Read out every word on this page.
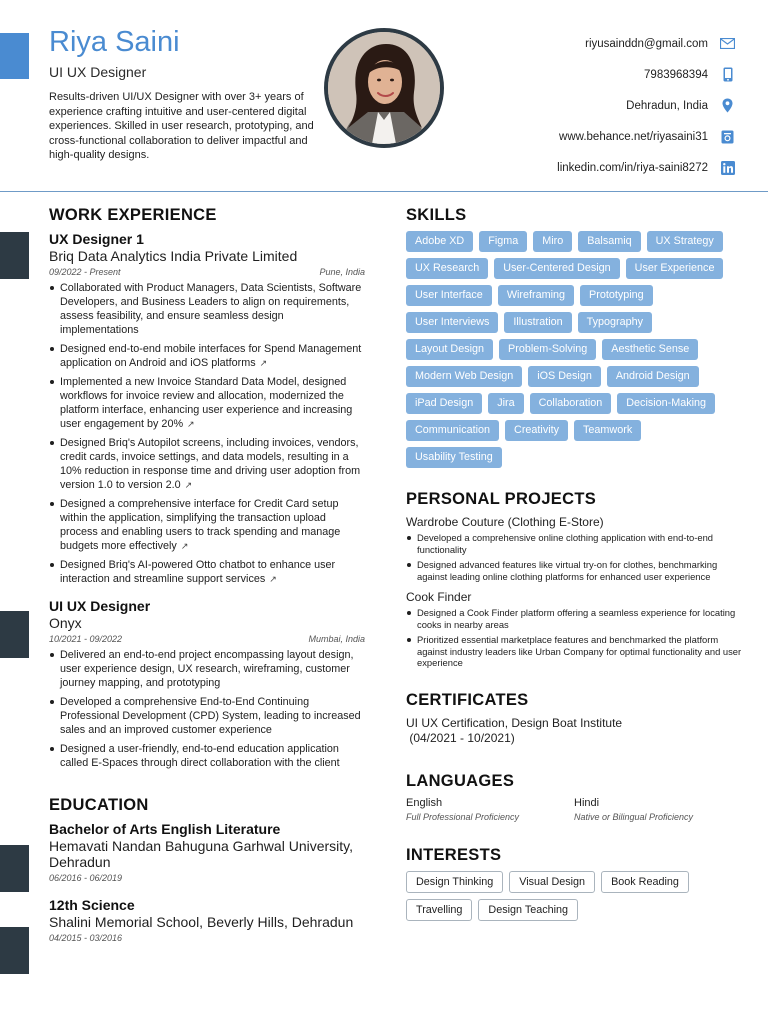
Riya Saini
UI UX Designer

Results-driven UI/UX Designer with over 3+ years of experience crafting intuitive and user-centered digital experiences. Skilled in user research, prototyping, and cross-functional collaboration to deliver impactful and high-quality designs.

riyusainddn@gmail.com
7983968394
Dehradun, India
www.behance.net/riyasaini31
linkedin.com/in/riya-saini8272
WORK EXPERIENCE
UX Designer 1
Briq Data Analytics India Private Limited
09/2022 - Present	Pune, India
Collaborated with Product Managers, Data Scientists, Software Developers, and Business Leaders to align on requirements, assess feasibility, and ensure seamless design implementations
Designed end-to-end mobile interfaces for Spend Management application on Android and iOS platforms ↗
Implemented a new Invoice Standard Data Model, designed workflows for invoice review and allocation, modernized the platform interface, enhancing user experience and increasing user engagement by 20% ↗
Designed Briq's Autopilot screens, including invoices, vendors, credit cards, invoice settings, and data models, resulting in a 10% reduction in response time and driving user adoption from version 1.0 to version 2.0 ↗
Designed a comprehensive interface for Credit Card setup within the application, simplifying the transaction upload process and enabling users to track spending and manage budgets more effectively ↗
Designed Briq's AI-powered Otto chatbot to enhance user interaction and streamline support services ↗
UI UX Designer
Onyx
10/2021 - 09/2022	Mumbai, India
Delivered an end-to-end project encompassing layout design, user experience design, UX research, wireframing, customer journey mapping, and prototyping
Developed a comprehensive End-to-End Continuing Professional Development (CPD) System, leading to increased sales and an improved customer experience
Designed a user-friendly, end-to-end education application called E-Spaces through direct collaboration with the client
EDUCATION
Bachelor of Arts English Literature
Hemavati Nandan Bahuguna Garhwal University, Dehradun
06/2016 - 06/2019
12th Science
Shalini Memorial School, Beverly Hills, Dehradun
04/2015 - 03/2016
SKILLS
Adobe XD	Figma	Miro	Balsamiq	UX Strategy
UX Research	User-Centered Design	User Experience
User Interface	Wireframing	Prototyping
User Interviews	Illustration	Typography
Layout Design	Problem-Solving	Aesthetic Sense
Modern Web Design	iOS Design	Android Design
iPad Design	Jira	Collaboration	Decision-Making
Communication	Creativity	Teamwork
Usability Testing
PERSONAL PROJECTS
Wardrobe Couture (Clothing E-Store)
Developed a comprehensive online clothing application with end-to-end functionality
Designed advanced features like virtual try-on for clothes, benchmarking against leading online clothing platforms for enhanced user experience
Cook Finder
Designed a Cook Finder platform offering a seamless experience for locating cooks in nearby areas
Prioritized essential marketplace features and benchmarked the platform against industry leaders like Urban Company for optimal functionality and user experience
CERTIFICATES
UI UX Certification, Design Boat Institute
(04/2021 - 10/2021)
LANGUAGES
English
Full Professional Proficiency
Hindi
Native or Bilingual Proficiency
INTERESTS
Design Thinking	Visual Design	Book Reading
Travelling	Design Teaching
